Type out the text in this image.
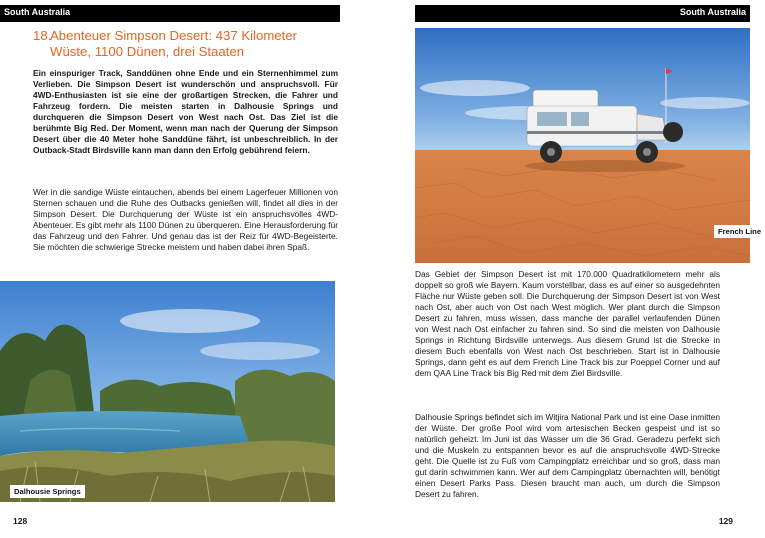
South Australia
18.Abenteuer Simpson Desert: 437 Kilometer
Wüste, 1100 Dünen, drei Staaten

Ein einspuriger Track, Sanddünen ohne Ende und ein Sternenhimmel zum Verlieben. Die Simpson Desert ist wunderschön und anspruchsvoll. Für 4WD-Enthusiasten ist sie eine der großartigen Strecken, die Fahrer und Fahrzeug fordern. Die meisten starten in Dalhousie Springs und durchqueren die Simpson Desert von West nach Ost. Das Ziel ist die berühmte Big Red. Der Moment, wenn man nach der Querung der Simpson Desert über die 40 Meter hohe Sanddüne fährt, ist unbeschreiblich. In der Outback-Stadt Birdsville kann man dann den Erfolg gebührend feiern.

Wer in die sandige Wüste eintauchen, abends bei einem Lagerfeuer Millionen von Sternen schauen und die Ruhe des Outbacks genießen will, findet all dies in der Simpson Desert. Die Durchquerung der Wüste ist ein anspruchsvolles 4WD-Abenteuer. Es gibt mehr als 1100 Dünen zu überqueren. Eine Herausforderung für das Fahrzeug und den Fahrer. Und genau das ist der Reiz für 4WD-Begeisterte. Sie möchten die schwierige Strecke meistern und haben dabei ihren Spaß.

Dalhousie Springs
128
South Australia
French Line

Das Gebiet der Simpson Desert ist mit 170.000 Quadratkilometern mehr als doppelt so groß wie Bayern. Kaum vorstellbar, dass es auf einer so ausgedehnten Fläche nur Wüste geben soll. Die Durchquerung der Simpson Desert ist von West nach Ost, aber auch von Ost nach West möglich. Wer plant durch die Simpson Desert zu fahren, muss wissen, dass manche der parallel verlaufenden Dünen von West nach Ost einfacher zu fahren sind. So sind die meisten von Dalhousie Springs in Richtung Birdsville unterwegs. Aus diesem Grund ist die Strecke in diesem Buch ebenfalls von West nach Ost beschrieben. Start ist in Dalhousie Springs, dann geht es auf dem French Line Track bis zur Poeppel Corner und auf dem QAA Line Track bis Big Red mit dem Ziel Birdsville.

Dalhousie Springs befindet sich im Witjira National Park und ist eine Oase inmitten der Wüste. Der große Pool wird vom artesischen Becken gespeist und ist so natürlich geheizt. Im Juni ist das Wasser um die 36 Grad. Geradezu perfekt sich und die Muskeln zu entspannen bevor es auf die anspruchsvolle 4WD-Strecke geht. Die Quelle ist zu Fuß vom Campingplatz erreichbar und so groß, dass man gut darin schwimmen kann. Wer auf dem Campingplatz übernachten will, benötigt einen Desert Parks Pass. Diesen braucht man auch, um durch die Simpson Desert zu fahren.

129
